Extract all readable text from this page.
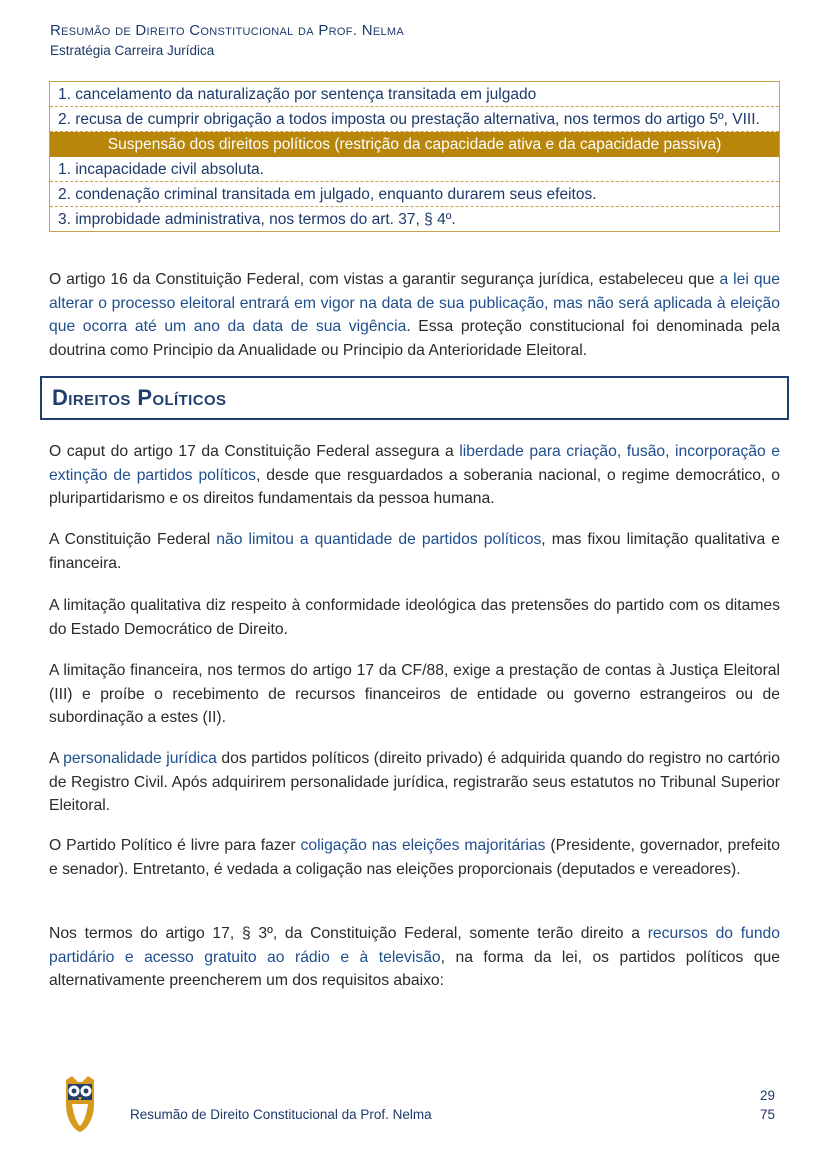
Resumão de Direito Constitucional da Prof. Nelma
Estratégia Carreira Jurídica
1. cancelamento da naturalização por sentença transitada em julgado
2. recusa de cumprir obrigação a todos imposta ou prestação alternativa, nos termos do artigo 5º, VIII.
Suspensão dos direitos políticos (restrição da capacidade ativa e da capacidade passiva)
1. incapacidade civil absoluta.
2. condenação criminal transitada em julgado, enquanto durarem seus efeitos.
3. improbidade administrativa, nos termos do art. 37, § 4º.
O artigo 16 da Constituição Federal, com vistas a garantir segurança jurídica, estabeleceu que a lei que alterar o processo eleitoral entrará em vigor na data de sua publicação, mas não será aplicada à eleição que ocorra até um ano da data de sua vigência. Essa proteção constitucional foi denominada pela doutrina como Principio da Anualidade ou Principio da Anterioridade Eleitoral.
Direitos Políticos
O caput do artigo 17 da Constituição Federal assegura a liberdade para criação, fusão, incorporação e extinção de partidos políticos, desde que resguardados a soberania nacional, o regime democrático, o pluripartidarismo e os direitos fundamentais da pessoa humana.
A Constituição Federal não limitou a quantidade de partidos políticos, mas fixou limitação qualitativa e financeira.
A limitação qualitativa diz respeito à conformidade ideológica das pretensões do partido com os ditames do Estado Democrático de Direito.
A limitação financeira, nos termos do artigo 17 da CF/88, exige a prestação de contas à Justiça Eleitoral (III) e proíbe o recebimento de recursos financeiros de entidade ou governo estrangeiros ou de subordinação a estes (II).
A personalidade jurídica dos partidos políticos (direito privado) é adquirida quando do registro no cartório de Registro Civil. Após adquirirem personalidade jurídica, registrarão seus estatutos no Tribunal Superior Eleitoral.
O Partido Político é livre para fazer coligação nas eleições majoritárias (Presidente, governador, prefeito e senador). Entretanto, é vedada a coligação nas eleições proporcionais (deputados e vereadores).
Nos termos do artigo 17, § 3º, da Constituição Federal, somente terão direito a recursos do fundo partidário e acesso gratuito ao rádio e à televisão, na forma da lei, os partidos políticos que alternativamente preencherem um dos requisitos abaixo:
Resumão de Direito Constitucional da Prof. Nelma
29
75
